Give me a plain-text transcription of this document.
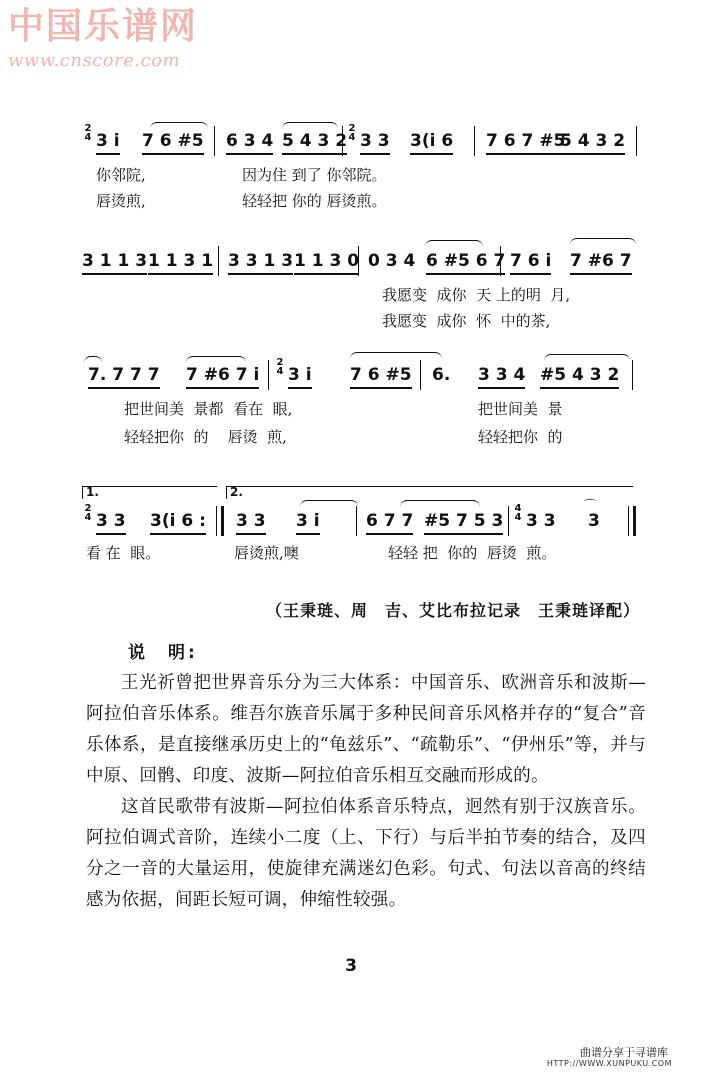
中国乐谱网
www.cnscore.com
2
4 3 i 7 6 #5 6 3 4 5 4 3 2
2
4 3 3 3(i 6 7 6 7 #5
5 4 3 2
你邻院,	因为住 到了 你邻院。
唇烫煎,	轻轻把 你的 唇烫煎。
3 1 1 3 1 1 3 1 3 3 1 3 1 1 3 0 0 3 4 6 #5 6 7 7 6 i 7 #6 7
我愿变  成你  天 上的明  月,
我愿变  成你  怀  中的茶,
7. 7 7 7 7 #6 7 i
2
4 3 i 7 6 #5 6. 3 3 4 #5 4 3 2
把世间美  景都  看在  眼,	把世间美  景
轻轻把你  的    唇烫  煎,	轻轻把你  的
1.	2.
2
4 3 3 3(i 6 : 3 3 3 i	6 7 7 #5 7 5 3
4
4 3 3
⌒
3
看 在  眼。	唇烫煎,噢	轻轻 把  你的  唇烫  煎。
（王秉琏、周　吉、艾比布拉记录　王秉琏译配）
说　明:
王光祈曾把世界音乐分为三大体系：中国音乐、欧洲音乐和波斯—阿拉伯音乐体系。维吾尔族音乐属于多种民间音乐风格并存的“复合”音乐体系，是直接继承历史上的“龟兹乐”、“疏勒乐”、“伊州乐”等，并与中原、回鹘、印度、波斯—阿拉伯音乐相互交融而形成的。
这首民歌带有波斯—阿拉伯体系音乐特点，迥然有别于汉族音乐。阿拉伯调式音阶，连续小二度（上、下行）与后半拍节奏的结合，及四分之一音的大量运用，使旋律充满迷幻色彩。句式、句法以音高的终结感为依据，间距长短可调，伸缩性较强。
3
曲谱分享于寻谱库
HTTP://WWW.XUNPUKU.COM
